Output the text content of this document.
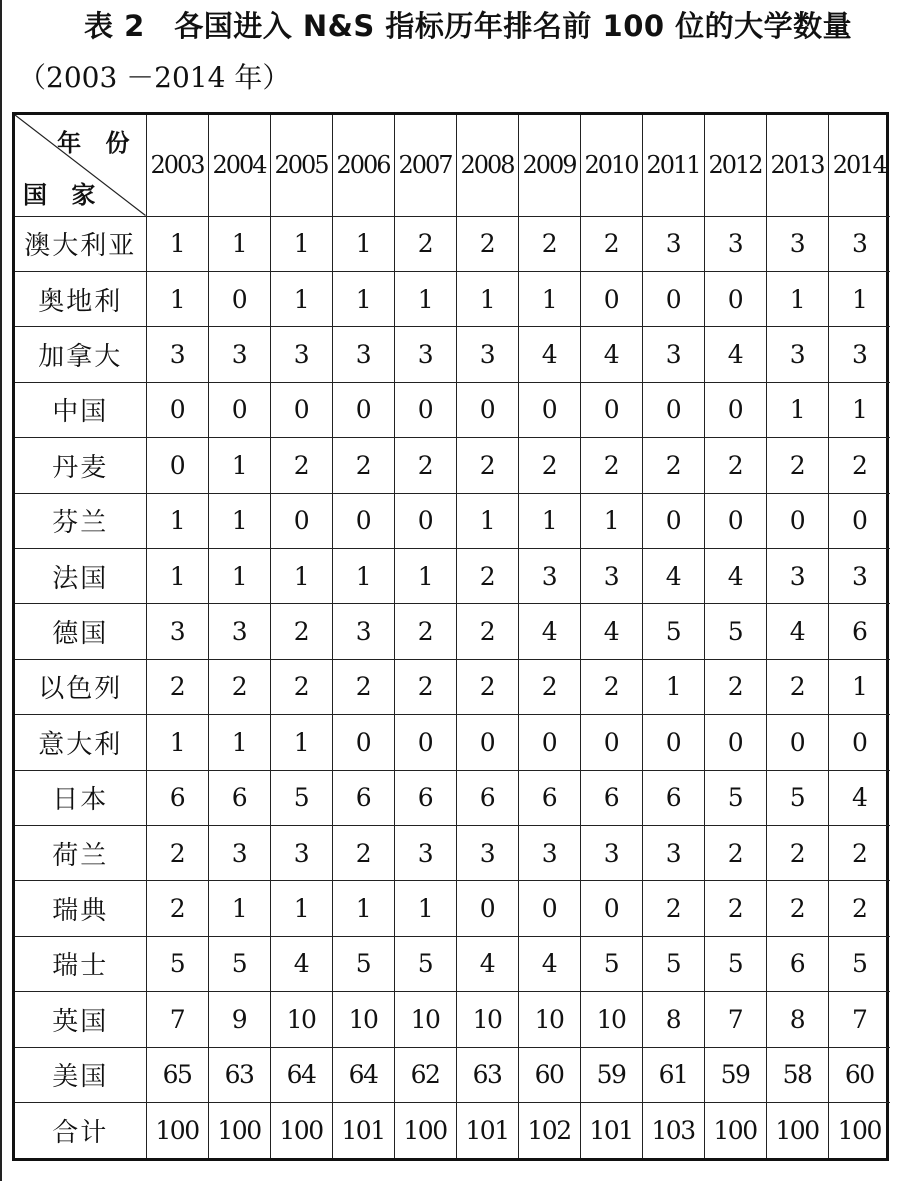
表 2　各国进入 N&S 指标历年排名前 100 位的大学数量
（2003 －2014 年）
年 份
国 家	2003	2004	2005	2006	2007	2008	2009	2010	2011	2012	2013	2014
澳大利亚	1	1	1	1	2	2	2	2	3	3	3	3
奥地利	1	0	1	1	1	1	1	0	0	0	1	1
加拿大	3	3	3	3	3	3	4	4	3	4	3	3
中国	0	0	0	0	0	0	0	0	0	0	1	1
丹麦	0	1	2	2	2	2	2	2	2	2	2	2
芬兰	1	1	0	0	0	1	1	1	0	0	0	0
法国	1	1	1	1	1	2	3	3	4	4	3	3
德国	3	3	2	3	2	2	4	4	5	5	4	6
以色列	2	2	2	2	2	2	2	2	1	2	2	1
意大利	1	1	1	0	0	0	0	0	0	0	0	0
日本	6	6	5	6	6	6	6	6	6	5	5	4
荷兰	2	3	3	2	3	3	3	3	3	2	2	2
瑞典	2	1	1	1	1	0	0	0	2	2	2	2
瑞士	5	5	4	5	5	4	4	5	5	5	6	5
英国	7	9	10	10	10	10	10	10	8	7	8	7
美国	65	63	64	64	62	63	60	59	61	59	58	60
合计	100	100	100	101	100	101	102	101	103	100	100	100
